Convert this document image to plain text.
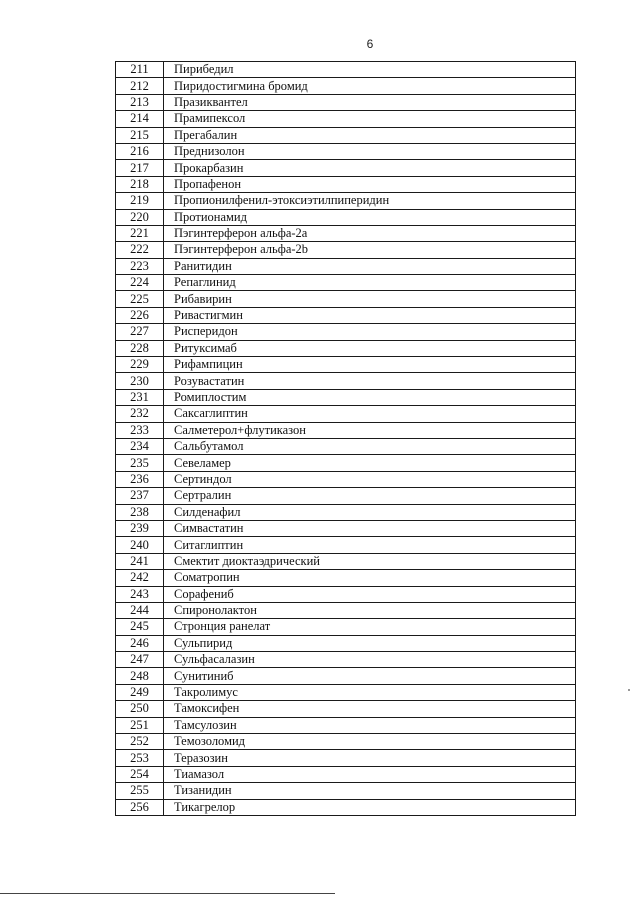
6
211	Пирибедил
212	Пиридостигмина бромид
213	Празиквантел
214	Прамипексол
215	Прегабалин
216	Преднизолон
217	Прокарбазин
218	Пропафенон
219	Пропионилфенил-этоксиэтилпиперидин
220	Протионамид
221	Пэгинтерферон альфа-2a
222	Пэгинтерферон альфа-2b
223	Ранитидин
224	Репаглинид
225	Рибавирин
226	Ривастигмин
227	Рисперидон
228	Ритуксимаб
229	Рифампицин
230	Розувастатин
231	Ромиплостим
232	Саксаглиптин
233	Салметерол+флутиказон
234	Сальбутамол
235	Севеламер
236	Сертиндол
237	Сертралин
238	Силденафил
239	Симвастатин
240	Ситаглиптин
241	Смектит диоктаэдрический
242	Соматропин
243	Сорафениб
244	Спиронолактон
245	Стронция ранелат
246	Сульпирид
247	Сульфасалазин
248	Сунитиниб
249	Такролимус
250	Тамоксифен
251	Тамсулозин
252	Темозоломид
253	Теразозин
254	Тиамазол
255	Тизанидин
256	Тикагрелор
